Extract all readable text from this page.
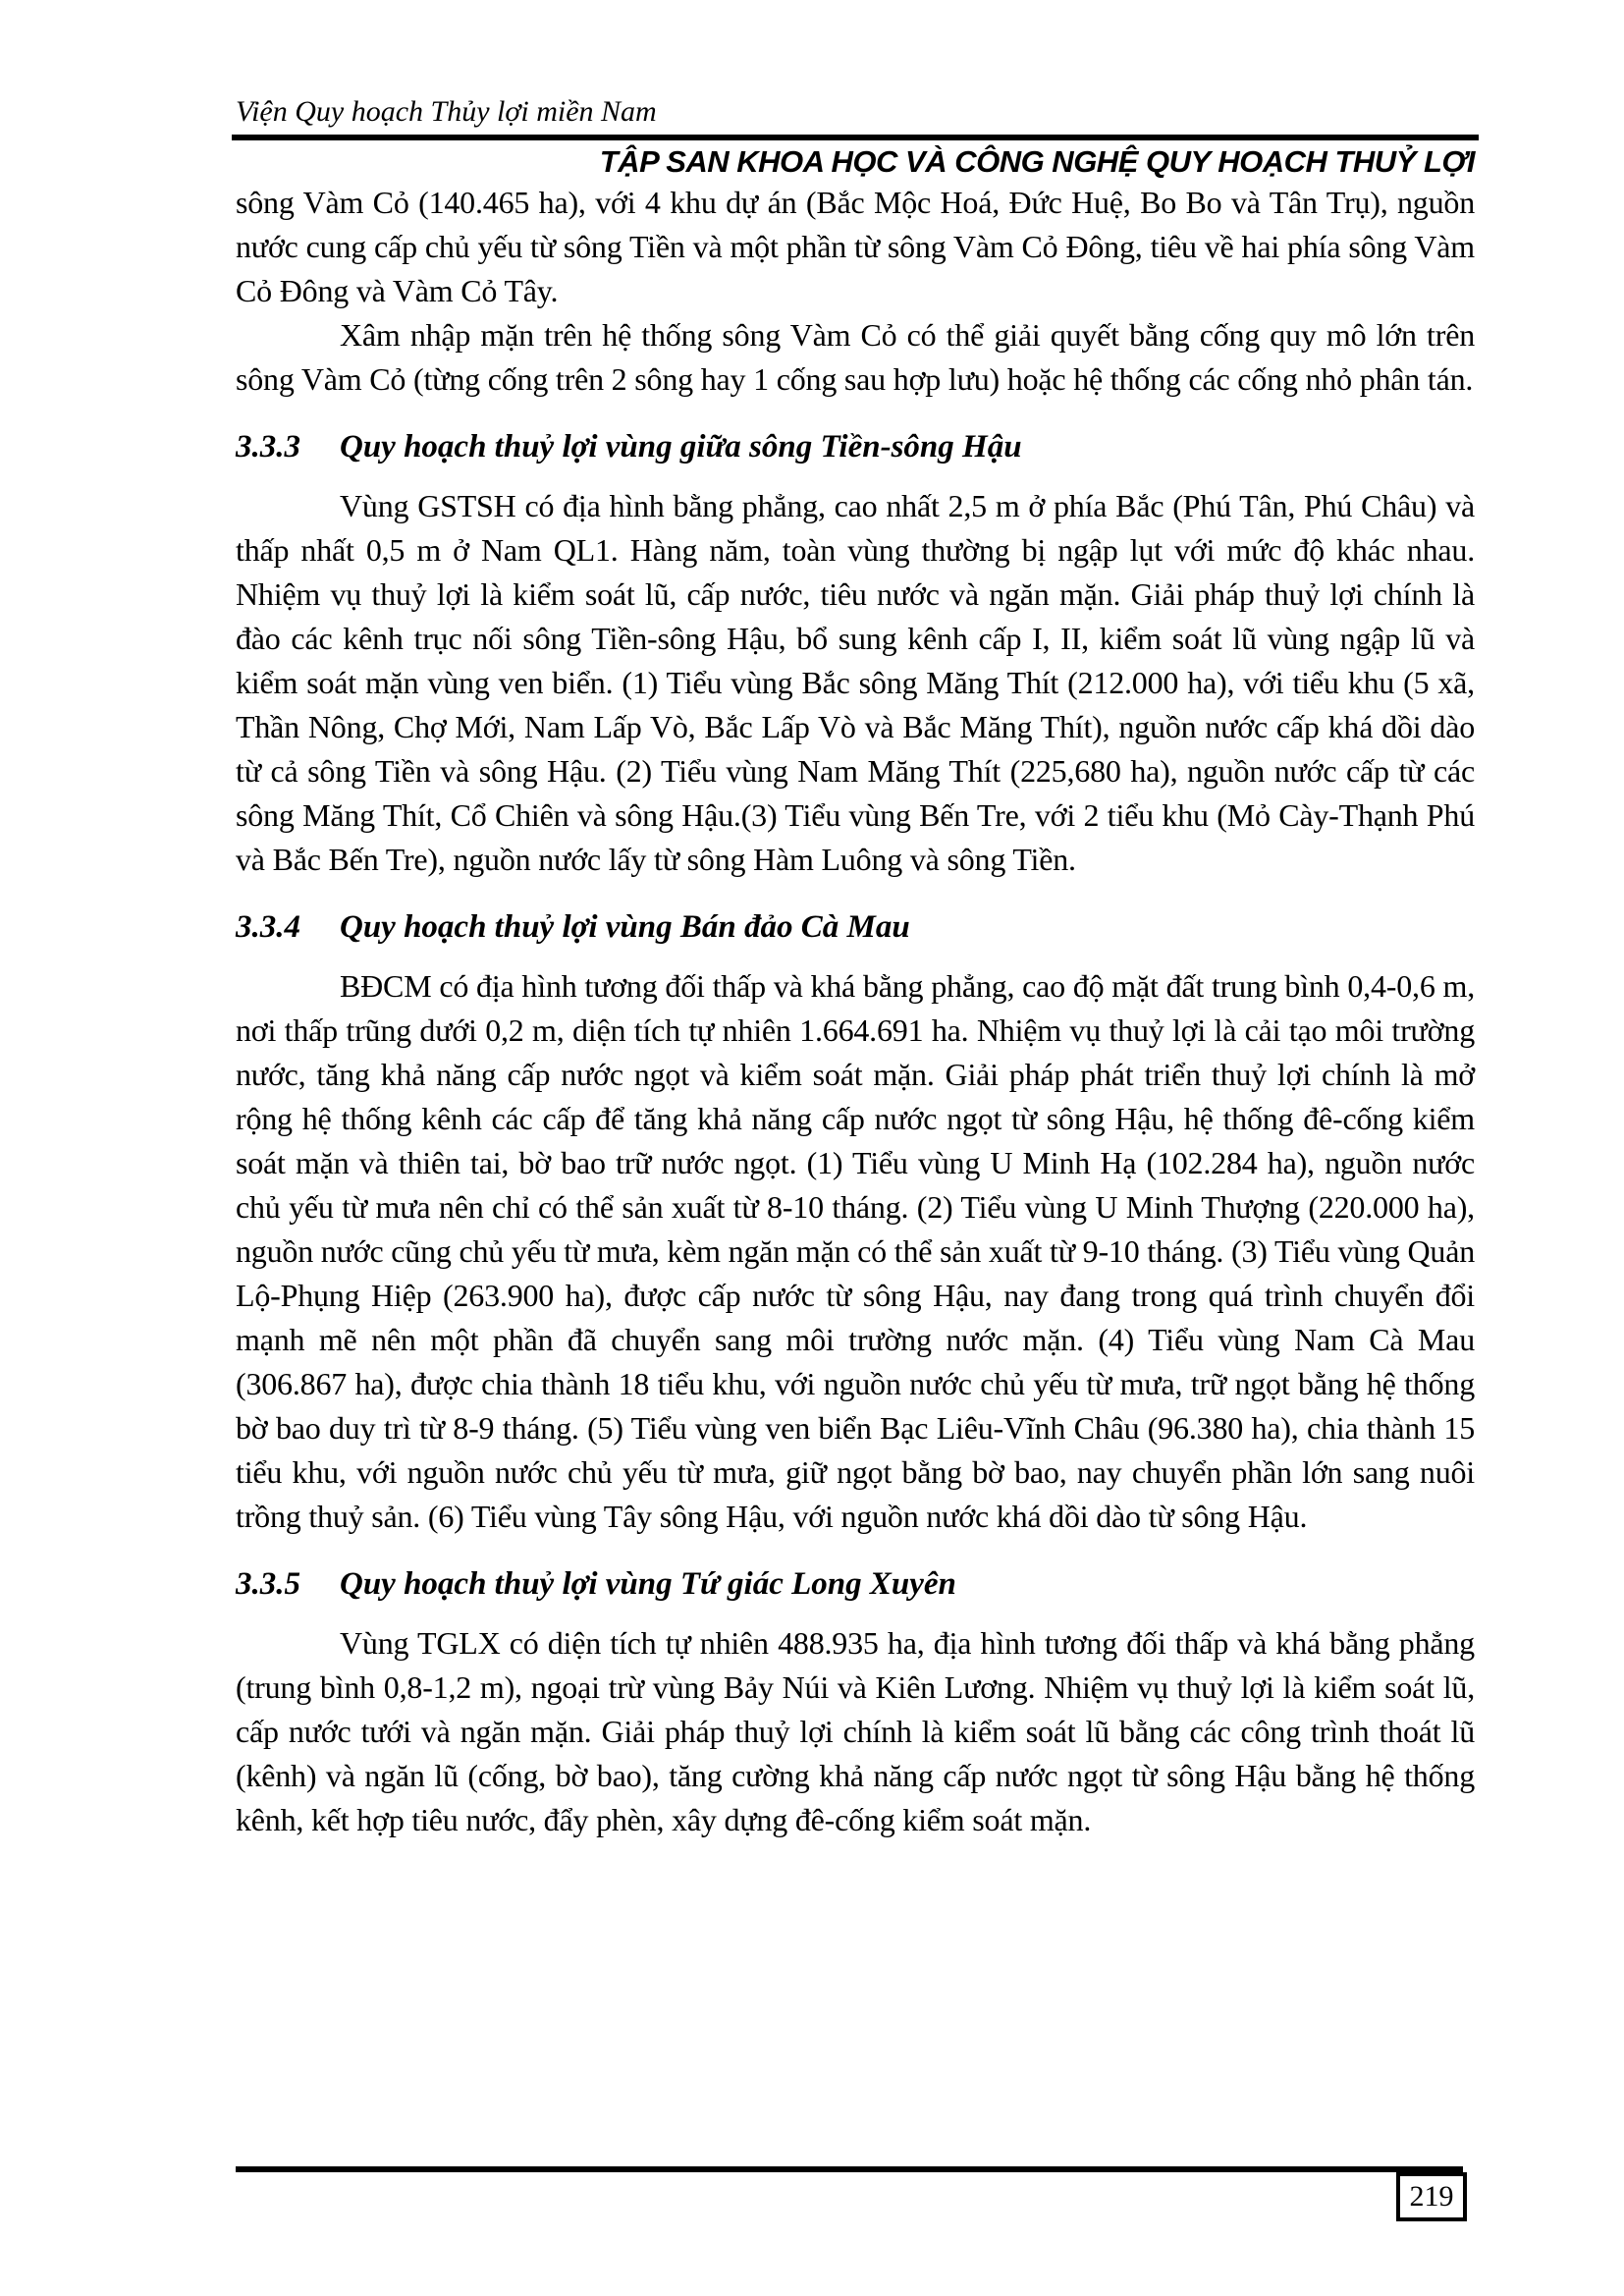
Viện Quy hoạch Thủy lợi miền Nam
TẬP SAN KHOA HỌC VÀ CÔNG NGHỆ QUY HOẠCH THUỶ LỢI

sông Vàm Cỏ (140.465 ha), với 4 khu dự án (Bắc Mộc Hoá, Đức Huệ, Bo Bo và Tân Trụ), nguồn nước cung cấp chủ yếu từ sông Tiền và một phần từ sông Vàm Cỏ Đông, tiêu về hai phía sông Vàm Cỏ Đông và Vàm Cỏ Tây.

Xâm nhập mặn trên hệ thống sông Vàm Cỏ có thể giải quyết bằng cống quy mô lớn trên sông Vàm Cỏ (từng cống trên 2 sông hay 1 cống sau hợp lưu) hoặc hệ thống các cống nhỏ phân tán.

3.3.3 Quy hoạch thuỷ lợi vùng giữa sông Tiền-sông Hậu

Vùng GSTSH có địa hình bằng phẳng, cao nhất 2,5 m ở phía Bắc (Phú Tân, Phú Châu) và thấp nhất 0,5 m ở Nam QL1. Hàng năm, toàn vùng thường bị ngập lụt với mức độ khác nhau. Nhiệm vụ thuỷ lợi là kiểm soát lũ, cấp nước, tiêu nước và ngăn mặn. Giải pháp thuỷ lợi chính là đào các kênh trục nối sông Tiền-sông Hậu, bổ sung kênh cấp I, II, kiểm soát lũ vùng ngập lũ và kiểm soát mặn vùng ven biển. (1) Tiểu vùng Bắc sông Măng Thít (212.000 ha), với tiểu khu (5 xã, Thần Nông, Chợ Mới, Nam Lấp Vò, Bắc Lấp Vò và Bắc Măng Thít), nguồn nước cấp khá dồi dào từ cả sông Tiền và sông Hậu. (2) Tiểu vùng Nam Măng Thít (225,680 ha), nguồn nước cấp từ các sông Măng Thít, Cổ Chiên và sông Hậu.(3) Tiểu vùng Bến Tre, với 2 tiểu khu (Mỏ Cày-Thạnh Phú và Bắc Bến Tre), nguồn nước lấy từ sông Hàm Luông và sông Tiền.

3.3.4 Quy hoạch thuỷ lợi vùng Bán đảo Cà Mau

BĐCM có địa hình tương đối thấp và khá bằng phẳng, cao độ mặt đất trung bình 0,4-0,6 m, nơi thấp trũng dưới 0,2 m, diện tích tự nhiên 1.664.691 ha. Nhiệm vụ thuỷ lợi là cải tạo môi trường nước, tăng khả năng cấp nước ngọt và kiểm soát mặn. Giải pháp phát triển thuỷ lợi chính là mở rộng hệ thống kênh các cấp để tăng khả năng cấp nước ngọt từ sông Hậu, hệ thống đê-cống kiểm soát mặn và thiên tai, bờ bao trữ nước ngọt. (1) Tiểu vùng U Minh Hạ (102.284 ha), nguồn nước chủ yếu từ mưa nên chỉ có thể sản xuất từ 8-10 tháng. (2) Tiểu vùng U Minh Thượng (220.000 ha), nguồn nước cũng chủ yếu từ mưa, kèm ngăn mặn có thể sản xuất từ 9-10 tháng. (3) Tiểu vùng Quản Lộ-Phụng Hiệp (263.900 ha), được cấp nước từ sông Hậu, nay đang trong quá trình chuyển đổi mạnh mẽ nên một phần đã chuyển sang môi trường nước mặn. (4) Tiểu vùng Nam Cà Mau (306.867 ha), được chia thành 18 tiểu khu, với nguồn nước chủ yếu từ mưa, trữ ngọt bằng hệ thống bờ bao duy trì từ 8-9 tháng. (5) Tiểu vùng ven biển Bạc Liêu-Vĩnh Châu (96.380 ha), chia thành 15 tiểu khu, với nguồn nước chủ yếu từ mưa, giữ ngọt bằng bờ bao, nay chuyển phần lớn sang nuôi trồng thuỷ sản. (6) Tiểu vùng Tây sông Hậu, với nguồn nước khá dồi dào từ sông Hậu.

3.3.5 Quy hoạch thuỷ lợi vùng Tứ giác Long Xuyên

Vùng TGLX có diện tích tự nhiên 488.935 ha, địa hình tương đối thấp và khá bằng phẳng (trung bình 0,8-1,2 m), ngoại trừ vùng Bảy Núi và Kiên Lương. Nhiệm vụ thuỷ lợi là kiểm soát lũ, cấp nước tưới và ngăn mặn. Giải pháp thuỷ lợi chính là kiểm soát lũ bằng các công trình thoát lũ (kênh) và ngăn lũ (cống, bờ bao), tăng cường khả năng cấp nước ngọt từ sông Hậu bằng hệ thống kênh, kết hợp tiêu nước, đẩy phèn, xây dựng đê-cống kiểm soát mặn.

219
